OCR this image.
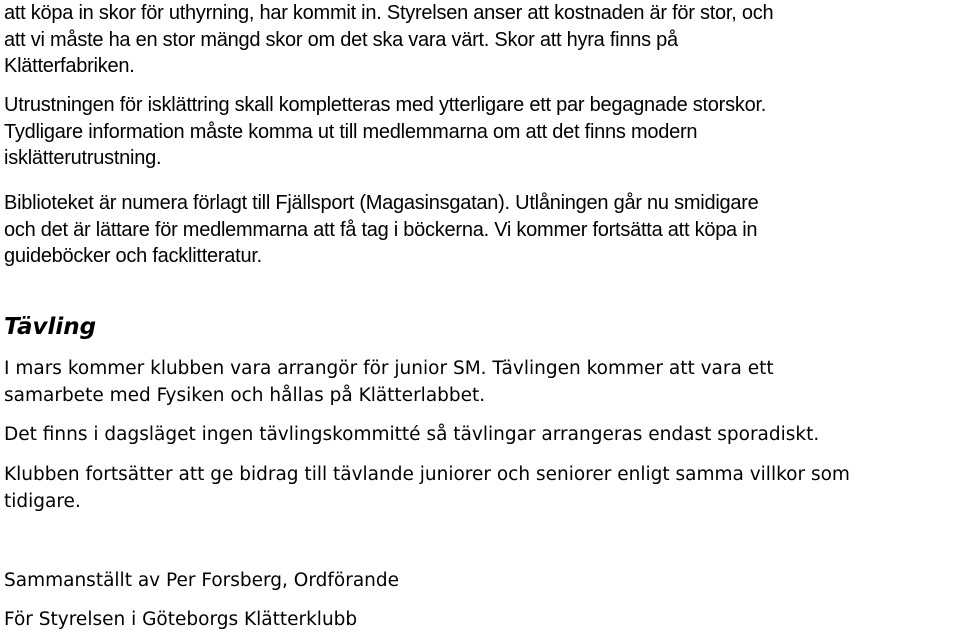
att köpa in skor för uthyrning, har kommit in. Styrelsen anser att kostnaden är för stor, och
att vi måste ha en stor mängd skor om det ska vara värt. Skor att hyra finns på
Klätterfabriken.

Utrustningen för isklättring skall kompletteras med ytterligare ett par begagnade storskor.
Tydligare information måste komma ut till medlemmarna om att det finns modern
isklätterutrustning.

Biblioteket är numera förlagt till Fjällsport (Magasinsgatan). Utlåningen går nu smidigare
och det är lättare för medlemmarna att få tag i böckerna. Vi kommer fortsätta att köpa in
guideböcker och facklitteratur.

Tävling

I mars kommer klubben vara arrangör för junior SM. Tävlingen kommer att vara ett
samarbete med Fysiken och hållas på Klätterlabbet.

Det finns i dagsläget ingen tävlingskommitté så tävlingar arrangeras endast sporadiskt.

Klubben fortsätter att ge bidrag till tävlande juniorer och seniorer enligt samma villkor som
tidigare.

Sammanställt av Per Forsberg, Ordförande

För Styrelsen i Göteborgs Klätterklubb
